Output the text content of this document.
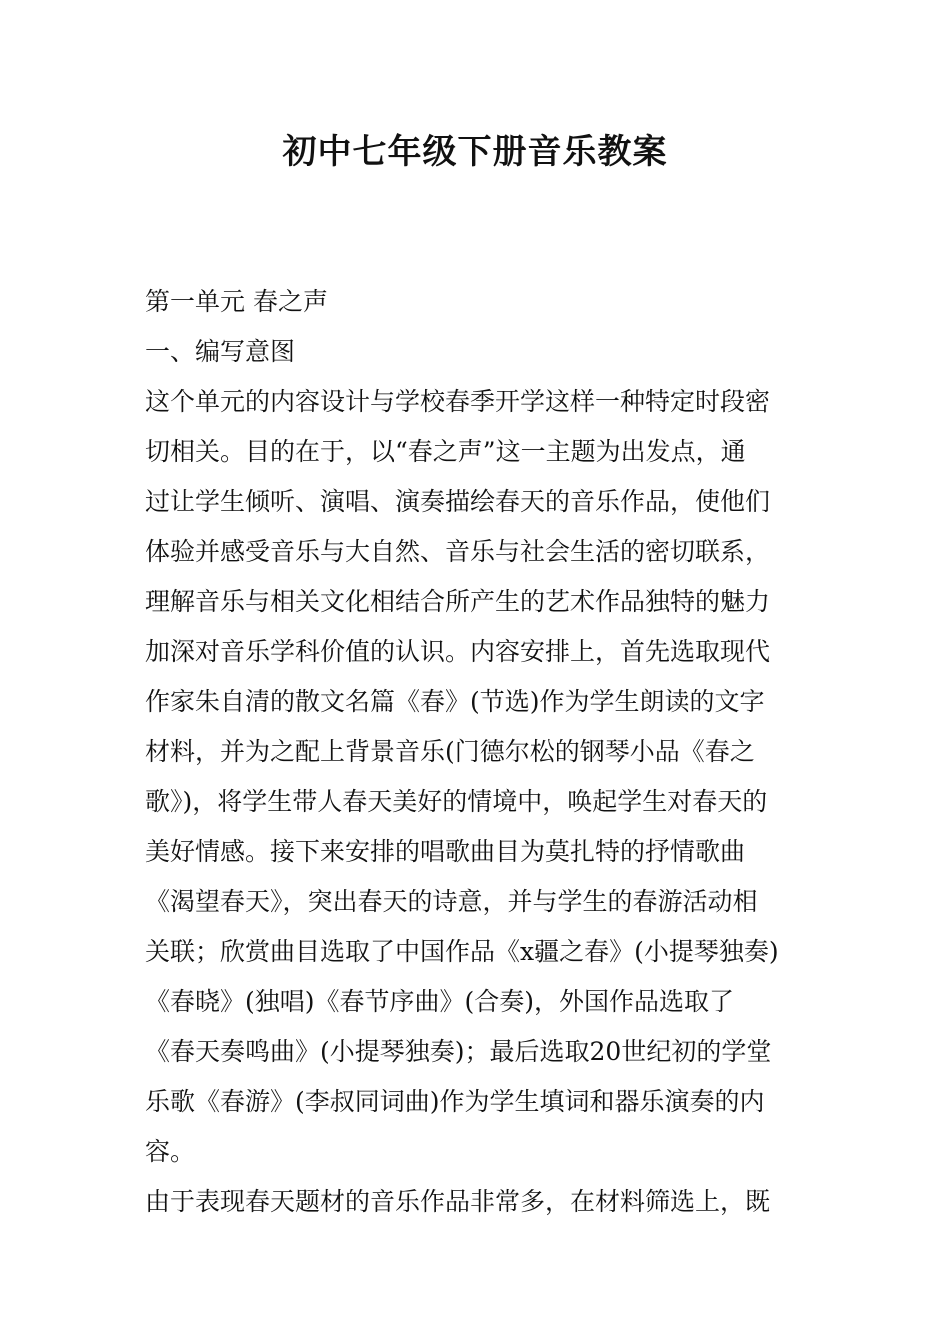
初中七年级下册音乐教案
第一单元 春之声
一、编写意图
这个单元的内容设计与学校春季开学这样一种特定时段密
切相关。目的在于，以“春之声”这一主题为出发点，通
过让学生倾听、演唱、演奏描绘春天的音乐作品，使他们
体验并感受音乐与大自然、音乐与社会生活的密切联系，
理解音乐与相关文化相结合所产生的艺术作品独特的魅力
加深对音乐学科价值的认识。内容安排上，首先选取现代
作家朱自清的散文名篇《春》(节选)作为学生朗读的文字
材料，并为之配上背景音乐(门德尔松的钢琴小品《春之
歌》)，将学生带人春天美好的情境中，唤起学生对春天的
美好情感。接下来安排的唱歌曲目为莫扎特的抒情歌曲
《渴望春天》，突出春天的诗意，并与学生的春游活动相
关联；欣赏曲目选取了中国作品《x疆之春》(小提琴独奏)
《春晓》(独唱)《春节序曲》(合奏)，外国作品选取了
《春天奏鸣曲》(小提琴独奏)；最后选取20世纪初的学堂
乐歌《春游》(李叔同词曲)作为学生填词和器乐演奏的内
容。
由于表现春天题材的音乐作品非常多，在材料筛选上，既
